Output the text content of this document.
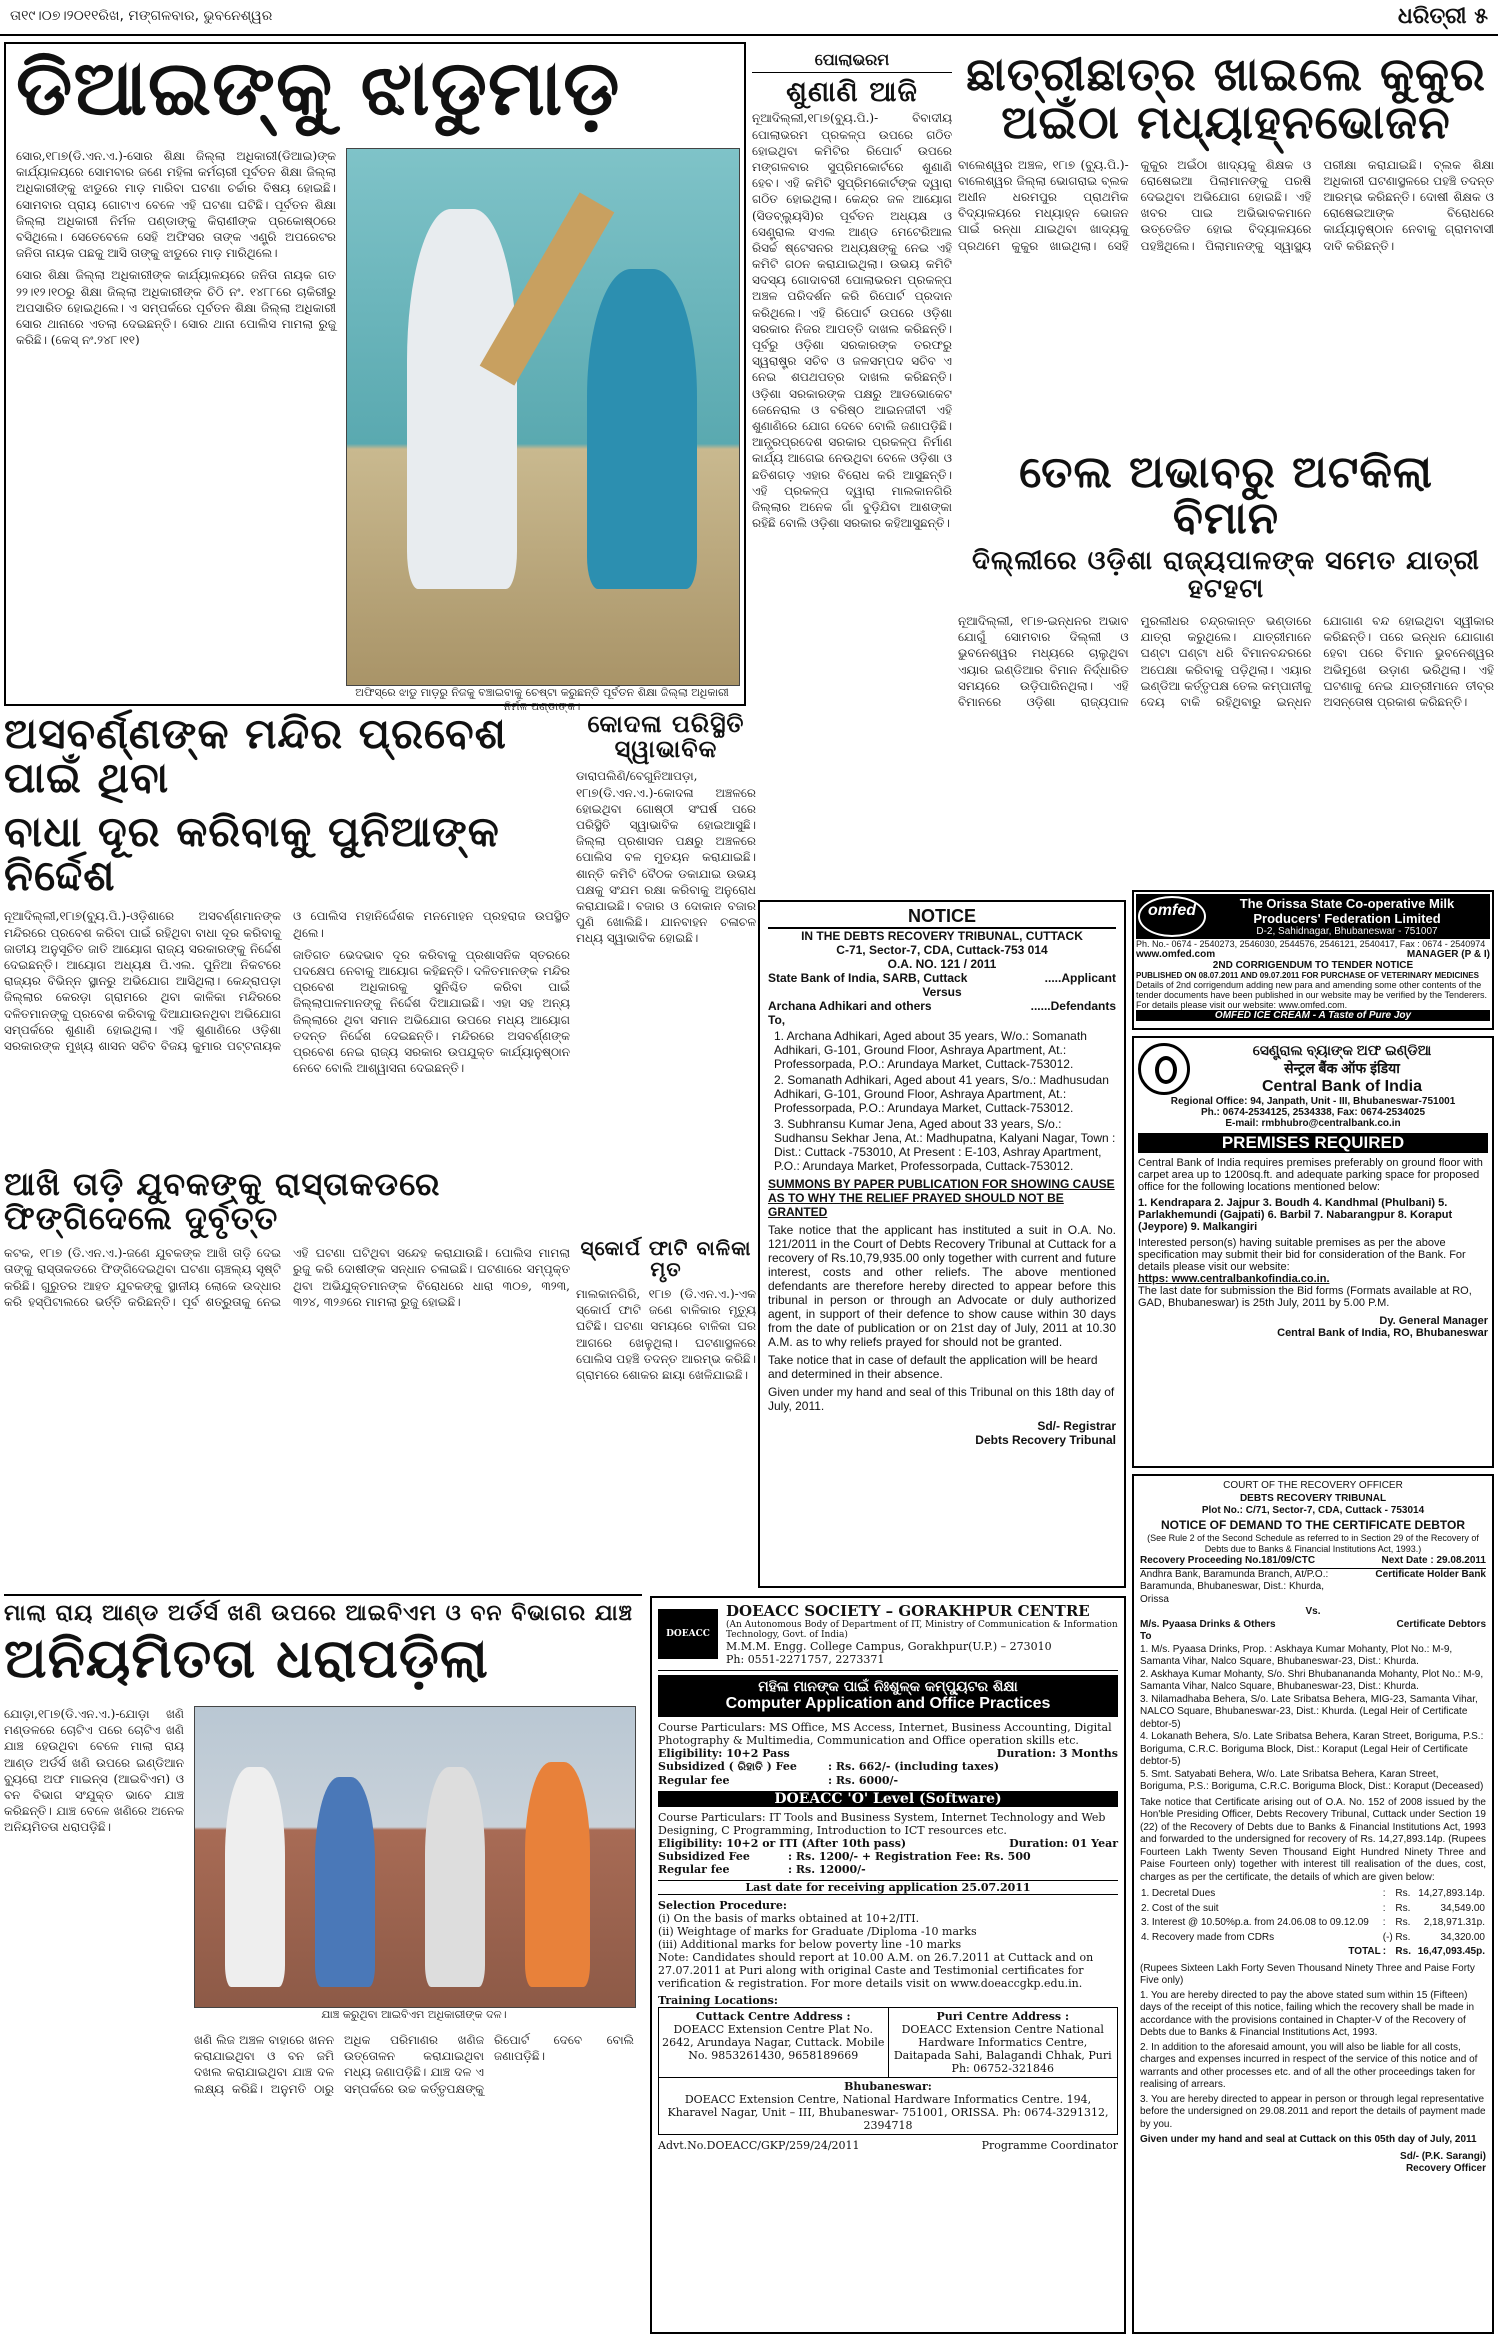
ତା୧୯।୦୭।୨୦୧୧ରିଖ, ମଙ୍ଗଳବାର, ଭୁବନେଶ୍ୱର	ଧରିତ୍ରୀ ୫
ଡିଆଇଙ୍କୁ ଝାଡୁମାଡ଼

ସୋର,୧୮ା୭(ଡି.ଏନ.ଏ.)-ସୋର ଶିକ୍ଷା ଜିଲ୍ଲା ଅଧିକାରୀ(ଡିଆଇ)ଙ୍କ କାର୍ଯ୍ୟାଳୟରେ ସୋମବାର ଜଣେ ମହିଳା କର୍ମଚାରୀ ପୂର୍ବତନ ଶିକ୍ଷା ଜିଲ୍ଲା ଅଧିକାରୀଙ୍କୁ ଝାଡୁରେ ମାଡ଼ ମାରିବା ଘଟଣା ଚର୍ଚ୍ଚାର ବିଷୟ ହୋଇଛି। ସୋମବାର ପ୍ରାୟ ଗୋଟାଏ ବେଳେ ଏହି ଘଟଣା ଘଟିଛି। ପୂର୍ବତନ ଶିକ୍ଷା ଜିଲ୍ଲା ଅଧିକାରୀ ନିର୍ମଳ ପଣ୍ଡାଙ୍କୁ କିରାଣୀଙ୍କ ପ୍ରକୋଷ୍ଠରେ ବସିଥିଲେ। ସେତେବେଳେ ସେହି ଅଫିସର ତାଙ୍କ ଏଣ୍ଟ୍ରି ଅପରେଟର ଜନିତା ନାୟକ ପଛକୁ ଆସି ତାଙ୍କୁ ଝାଡୁରେ ମାଡ଼ ମାରିଥିଲେ।

ସୋର ଶିକ୍ଷା ଜିଲ୍ଲା ଅଧିକାରୀଙ୍କ କାର୍ଯ୍ୟାଳୟରେ ଜନିତା ନାୟକ ଗତ ୨୨।୧୨।୧୦ରୁ ଶିକ୍ଷା ଜିଲ୍ଲା ଅଧିକାରୀଙ୍କ ଚିଠି ନଂ. ୧୪୮୮ରେ ଚାକିରୀରୁ ଅପସାରିତ ହୋଇଥିଲେ। ଏ ସମ୍ପର୍କରେ ପୂର୍ବତନ ଶିକ୍ଷା ଜିଲ୍ଲା ଅଧିକାରୀ ସୋର ଥାନାରେ ଏତଲା ଦେଇଛନ୍ତି। ସୋର ଥାନା ପୋଲିସ ମାମଲା ରୁଜୁ କରିଛି। (କେସ୍ ନଂ.୨୪୮।୧୧)

ଅଫିସ୍‌ରେ ଝାଡୁ ମାଡ଼ରୁ ନିଜକୁ ବଞ୍ଚାଇବାକୁ ଚେଷ୍ଟା କରୁଛନ୍ତି ପୂର୍ବତନ ଶିକ୍ଷା ଜିଲ୍ଲା ଅଧିକାରୀ ନିର୍ମଳ ପଣ୍ଡାଙ୍କ।
ପୋଲାଭରମ
ଶୁଣାଣି ଆଜି
ନୂଆଦିଲ୍ଲୀ,୧୮ା୭(ବ୍ୟୁ.ପି.)- ବିବାଦୀୟ ପୋଲାଭରମ ପ୍ରକଳ୍ପ ଉପରେ ଗଠିତ ହୋଇଥିବା କମିଟିର ରିପୋର୍ଟ ଉପରେ ମଙ୍ଗଳବାର ସୁପ୍ରିମକୋର୍ଟରେ ଶୁଣାଣି ହେବ। ଏହି କମିଟି ସୁପ୍ରିମକୋର୍ଟଙ୍କ ଦ୍ୱାରା ଗଠିତ ହୋଇଥିଲା। କେନ୍ଦ୍ର ଜଳ ଆୟୋଗ (ସିଡବ୍ଲ୍ୟୁସି)ର ପୂର୍ବତନ ଅଧ୍ୟକ୍ଷ ଓ ସେଣ୍ଟ୍ରାଲ ସଏଲ ଆଣ୍ଡ ମେଟେରିଆଲ ରିସର୍ଚ୍ଚ ଷ୍ଟେସନର ଅଧ୍ୟକ୍ଷଙ୍କୁ ନେଇ ଏହି କମିଟି ଗଠନ କରାଯାଇଥିଲା। ଉଭୟ କମିଟି ସଦସ୍ୟ ଗୋଦାବରୀ ପୋଲାଭରମ ପ୍ରକଳ୍ପ ଅଞ୍ଚଳ ପରିଦର୍ଶନ କରି ରିପୋର୍ଟ ପ୍ରଦାନ କରିଥିଲେ। ଏହି ରିପୋର୍ଟ ଉପରେ ଓଡ଼ିଶା ସରକାର ନିଜର ଆପତ୍ତି ଦାଖଲ କରିଛନ୍ତି। ପୂର୍ବରୁ ଓଡ଼ିଶା ସରକାରଙ୍କ ତରଫରୁ ସ୍ୱରାଷ୍ଟ୍ର ସଚିବ ଓ ଜଳସମ୍ପଦ ସଚିବ ଏ ନେଇ ଶପଥପତ୍ର ଦାଖଲ କରିଛନ୍ତି। ଓଡ଼ିଶା ସରକାରଙ୍କ ପକ୍ଷରୁ ଆଡଭୋକେଟ ଜେନେରାଲ ଓ ବରିଷ୍ଠ ଆଇନଜୀବୀ ଏହି ଶୁଣାଣିରେ ଯୋଗ ଦେବେ ବୋଲି ଜଣାପଡ଼ିଛି। ଆନ୍ଧ୍ରପ୍ରଦେଶ ସରକାର ପ୍ରକଳ୍ପ ନିର୍ମାଣ କାର୍ଯ୍ୟ ଆଗେଇ ନେଉଥିବା ବେଳେ ଓଡ଼ିଶା ଓ ଛତିଶଗଡ଼ ଏହାର ବିରୋଧ କରି ଆସୁଛନ୍ତି। ଏହି ପ୍ରକଳ୍ପ ଦ୍ୱାରା ମାଲକାନଗିରି ଜିଲ୍ଲାର ଅନେକ ଗାଁ ବୁଡ଼ିଯିବା ଆଶଙ୍କା ରହିଛି ବୋଲି ଓଡ଼ିଶା ସରକାର କହିଆସୁଛନ୍ତି।
ଛାତ୍ରୀଛାତ୍ର ଖାଇଲେ କୁକୁର
ଅଇଁଠା ମଧ୍ୟାହ୍ନଭୋଜନ
ବାଲେଶ୍ୱର ଅଞ୍ଚଳ, ୧୮ା୭ (ବ୍ୟୁ.ପି.)-ବାଲେଶ୍ୱର ଜିଲ୍ଲା ଭୋଗରାଇ ବ୍ଲକ ଅଧୀନ ଧରମପୁର ପ୍ରାଥମିକ ବିଦ୍ୟାଳୟରେ ମଧ୍ୟାହ୍ନ ଭୋଜନ ପାଇଁ ରନ୍ଧା ଯାଇଥିବା ଖାଦ୍ୟକୁ ପ୍ରଥମେ କୁକୁର ଖାଇଥିଲା। ସେହି କୁକୁର ଅଇଁଠା ଖାଦ୍ୟକୁ ଶିକ୍ଷକ ଓ ରୋଷେଇଆ ପିଲାମାନଙ୍କୁ ପରଷି ଦେଇଥିବା ଅଭିଯୋଗ ହୋଇଛି। ଏହି ଖବର ପାଇ ଅଭିଭାବକମାନେ ଉତ୍ତେଜିତ ହୋଇ ବିଦ୍ୟାଳୟରେ ପହଞ୍ଚିଥିଲେ। ପିଲାମାନଙ୍କୁ ସ୍ୱାସ୍ଥ୍ୟ ପରୀକ୍ଷା କରାଯାଇଛି। ବ୍ଲକ ଶିକ୍ଷା ଅଧିକାରୀ ଘଟଣାସ୍ଥଳରେ ପହଞ୍ଚି ତଦନ୍ତ ଆରମ୍ଭ କରିଛନ୍ତି। ଦୋଷୀ ଶିକ୍ଷକ ଓ ରୋଷେଇଆଙ୍କ ବିରୋଧରେ କାର୍ଯ୍ୟାନୁଷ୍ଠାନ ନେବାକୁ ଗ୍ରାମବାସୀ ଦାବି କରିଛନ୍ତି।
ତେଲ ଅଭାବରୁ ଅଟକିଲା ବିମାନ
ଦିଲ୍ଲୀରେ ଓଡ଼ିଶା ରାଜ୍ୟପାଳଙ୍କ ସମେତ ଯାତ୍ରୀ ହଟହଟା
ନୂଆଦିଲ୍ଲୀ, ୧୮ା୭-ଇନ୍ଧନର ଅଭାବ ଯୋଗୁଁ ସୋମବାର ଦିଲ୍ଲୀ ଓ ଭୁବନେଶ୍ୱର ମଧ୍ୟରେ ଚାଲୁଥିବା ଏୟାର ଇଣ୍ଡିଆର ବିମାନ ନିର୍ଦ୍ଧାରିତ ସମୟରେ ଉଡ଼ିପାରିନଥିଲା। ଏହି ବିମାନରେ ଓଡ଼ିଶା ରାଜ୍ୟପାଳ ମୁରଲୀଧର ଚନ୍ଦ୍ରକାନ୍ତ ଭଣ୍ଡାରେ ଯାତ୍ରା କରୁଥିଲେ। ଯାତ୍ରୀମାନେ ଘଣ୍ଟା ଘଣ୍ଟା ଧରି ବିମାନବନ୍ଦରରେ ଅପେକ୍ଷା କରିବାକୁ ପଡ଼ିଥିଲା। ଏୟାର ଇଣ୍ଡିଆ କର୍ତ୍ତୃପକ୍ଷ ତେଲ କମ୍ପାନୀକୁ ଦେୟ ବାକି ରହିଥିବାରୁ ଇନ୍ଧନ ଯୋଗାଣ ବନ୍ଦ ହୋଇଥିବା ସ୍ୱୀକାର କରିଛନ୍ତି। ପରେ ଇନ୍ଧନ ଯୋଗାଣ ହେବା ପରେ ବିମାନ ଭୁବନେଶ୍ୱର ଅଭିମୁଖେ ଉଡ଼ାଣ ଭରିଥିଲା। ଏହି ଘଟଣାକୁ ନେଇ ଯାତ୍ରୀମାନେ ତୀବ୍ର ଅସନ୍ତୋଷ ପ୍ରକାଶ କରିଛନ୍ତି।
omfed	The Orissa State Co-operative Milk
Producers' Federation Limited
D-2, Sahidnagar, Bhubaneswar - 751007
Ph. No.- 0674 - 2540273, 2546030, 2544576, 2546121, 2540417, Fax : 0674 - 2540974
www.omfed.com	MANAGER (P & I)
2ND CORRIGENDUM TO TENDER NOTICE
PUBLISHED ON 08.07.2011 AND 09.07.2011 FOR PURCHASE OF VETERINARY MEDICINES
Details of 2nd corrigendum adding new para and amending some other contents of the tender documents have been published in our website may be verified by the Tenderers. For details please visit our website: www.omfed.com.
OMFED ICE CREAM - A Taste of Pure Joy
ସେଣ୍ଟ୍ରାଲ ବ୍ୟାଙ୍କ ଅଫ ଇଣ୍ଡିଆ
सेन्ट्रल बैंक ऑफ इंडिया
Central Bank of India
Regional Office: 94, Janpath, Unit - III, Bhubaneswar-751001
Ph.: 0674-2534125, 2534338, Fax: 0674-2534025
E-mail: rmbhubro@centralbank.co.in
PREMISES REQUIRED
Central Bank of India requires premises preferably on ground floor with carpet area up to 1200sq.ft. and adequate parking space for proposed office for the following locations mentioned below:
1. Kendrapara 2. Jajpur 3. Boudh 4. Kandhmal (Phulbani) 5. Parlakhemundi (Gajpati) 6. Barbil 7. Nabarangpur 8. Koraput (Jeypore) 9. Malkangiri
Interested person(s) having suitable premises as per the above specification may submit their bid for consideration of the Bank. For details please visit our website:
https: www.centralbankofindia.co.in.
The last date for submission the Bid forms (Formats available at RO, GAD, Bhubaneswar) is 25th July, 2011 by 5.00 P.M.
Dy. General Manager
Central Bank of India, RO, Bhubaneswar
ଅସବର୍ଣ୍ଣଙ୍କ ମନ୍ଦିର ପ୍ରବେଶ ପାଇଁ ଥିବା
ବାଧା ଦୂର କରିବାକୁ ପୁନିଆଙ୍କ ନିର୍ଦ୍ଦେଶ

ନୂଆଦିଲ୍ଲୀ,୧୮ା୭(ବ୍ୟୁ.ପି.)-ଓଡ଼ିଶାରେ ଅସବର୍ଣ୍ଣମାନଙ୍କ ମନ୍ଦିରରେ ପ୍ରବେଶ କରିବା ପାଇଁ ରହିଥିବା ବାଧା ଦୂର କରିବାକୁ ଜାତୀୟ ଅନୁସୂଚିତ ଜାତି ଆୟୋଗ ରାଜ୍ୟ ସରକାରଙ୍କୁ ନିର୍ଦ୍ଦେଶ ଦେଇଛନ୍ତି। ଆୟୋଗ ଅଧ୍ୟକ୍ଷ ପି.ଏଲ. ପୁନିଆ ନିକଟରେ ରାଜ୍ୟର ବିଭିନ୍ନ ସ୍ଥାନରୁ ଅଭିଯୋଗ ଆସିଥିଲା। କେନ୍ଦ୍ରାପଡ଼ା ଜିଲ୍ଲାର କେରଡ଼ା ଗ୍ରାମରେ ଥିବା କାଳିକା ମନ୍ଦିରରେ ଦଳିତମାନଙ୍କୁ ପ୍ରବେଶ କରିବାକୁ ଦିଆଯାଉନଥିବା ଅଭିଯୋଗ ସମ୍ପର୍କରେ ଶୁଣାଣି ହୋଇଥିଲା। ଏହି ଶୁଣାଣିରେ ଓଡ଼ିଶା ସରକାରଙ୍କ ମୁଖ୍ୟ ଶାସନ ସଚିବ ବିଜୟ କୁମାର ପଟ୍ଟନାୟକ ଓ ପୋଲିସ ମହାନିର୍ଦ୍ଦେଶକ ମନମୋହନ ପ୍ରହରାଜ ଉପସ୍ଥିତ ଥିଲେ।

ଜାତିଗତ ଭେଦଭାବ ଦୂର କରିବାକୁ ପ୍ରଶାସନିକ ସ୍ତରରେ ପଦକ୍ଷେପ ନେବାକୁ ଆୟୋଗ କହିଛନ୍ତି। ଦଳିତମାନଙ୍କ ମନ୍ଦିର ପ୍ରବେଶ ଅଧିକାରକୁ ସୁନିଶ୍ଚିତ କରିବା ପାଇଁ ଜିଲ୍ଲାପାଳମାନଙ୍କୁ ନିର୍ଦ୍ଦେଶ ଦିଆଯାଇଛି। ଏହା ସହ ଅନ୍ୟ ଜିଲ୍ଲାରେ ଥିବା ସମାନ ଅଭିଯୋଗ ଉପରେ ମଧ୍ୟ ଆୟୋଗ ତଦନ୍ତ ନିର୍ଦ୍ଦେଶ ଦେଇଛନ୍ତି। ମନ୍ଦିରରେ ଅସବର୍ଣ୍ଣଙ୍କ ପ୍ରବେଶ ନେଇ ରାଜ୍ୟ ସରକାର ଉପଯୁକ୍ତ କାର୍ଯ୍ୟାନୁଷ୍ଠାନ ନେବେ ବୋଲି ଆଶ୍ୱାସନା ଦେଇଛନ୍ତି।

କୋଦଳା ପରିସ୍ଥିତି
ସ୍ୱାଭାବିକ
ଡାରାପଲିଣି/ବେଗୁନିଆପଡ଼ା, ୧୮ା୭(ଡି.ଏନ.ଏ.)-କୋଦଳା ଅଞ୍ଚଳରେ ହୋଇଥିବା ଗୋଷ୍ଠୀ ସଂଘର୍ଷ ପରେ ପରିସ୍ଥିତି ସ୍ୱାଭାବିକ ହୋଇଆସୁଛି। ଜିଲ୍ଲା ପ୍ରଶାସନ ପକ୍ଷରୁ ଅଞ୍ଚଳରେ ପୋଲିସ ବଳ ମୁତୟନ କରାଯାଇଛି। ଶାନ୍ତି କମିଟି ବୈଠକ ଡକାଯାଇ ଉଭୟ ପକ୍ଷକୁ ସଂଯମ ରକ୍ଷା କରିବାକୁ ଅନୁରୋଧ କରାଯାଇଛି। ବଜାର ଓ ଦୋକାନ ବଜାର ପୁଣି ଖୋଲିଛି। ଯାନବାହନ ଚଳାଚଳ ମଧ୍ୟ ସ୍ୱାଭାବିକ ହୋଇଛି।
ସ୍କୋର୍ପ ଫାଟି ବାଳିକା ମୃତ
ମାଲକାନଗିରି, ୧୮ା୭ (ଡି.ଏନ.ଏ.)-ଏକ ସ୍କୋର୍ପ ଫାଟି ଜଣେ ବାଳିକାର ମୃତ୍ୟୁ ଘଟିଛି। ଘଟଣା ସମୟରେ ବାଳିକା ଘର ଆଗରେ ଖେଳୁଥିଲା। ଘଟଣାସ୍ଥଳରେ ପୋଲିସ ପହଞ୍ଚି ତଦନ୍ତ ଆରମ୍ଭ କରିଛି। ଗ୍ରାମରେ ଶୋକର ଛାୟା ଖେଳିଯାଇଛି।
ଆଖି ତାଡ଼ି ଯୁବକଙ୍କୁ ରାସ୍ତାକଡରେ ଫିଙ୍ଗିଦେଲେ ଦୁର୍ବୃତ୍ତ
କଟକ, ୧୮ା୭ (ଡି.ଏନ.ଏ.)-ଜଣେ ଯୁବକଙ୍କ ଆଖି ତାଡ଼ି ଦେଇ ତାଙ୍କୁ ରାସ୍ତାକଡରେ ଫିଙ୍ଗିଦେଇଥିବା ଘଟଣା ଚାଞ୍ଚଲ୍ୟ ସୃଷ୍ଟି କରିଛି। ଗୁରୁତର ଆହତ ଯୁବକଙ୍କୁ ସ୍ଥାନୀୟ ଲୋକେ ଉଦ୍ଧାର କରି ହସ୍ପିଟାଲରେ ଭର୍ତ୍ତି କରିଛନ୍ତି। ପୂର୍ବ ଶତ୍ରୁତାକୁ ନେଇ ଏହି ଘଟଣା ଘଟିଥିବା ସନ୍ଦେହ କରାଯାଉଛି। ପୋଲିସ ମାମଲା ରୁଜୁ କରି ଦୋଷୀଙ୍କ ସନ୍ଧାନ ଚଳାଇଛି। ଘଟଣାରେ ସମ୍ପୃକ୍ତ ଥିବା ଅଭିଯୁକ୍ତମାନଙ୍କ ବିରୋଧରେ ଧାରା ୩୦୭, ୩୨୩, ୩୨୪, ୩୨୬ରେ ମାମଲା ରୁଜୁ ହୋଇଛି।
NOTICE
IN THE DEBTS RECOVERY TRIBUNAL, CUTTACK
C-71, Sector-7, CDA, Cuttack-753 014
O.A. NO. 121 / 2011
State Bank of India, SARB, Cuttack	.....Applicant
Versus
Archana Adhikari and others	......Defendants
To,
1. Archana Adhikari, Aged about 35 years, W/o.: Somanath Adhikari, G-101, Ground Floor, Ashraya Apartment, At.: Professorpada, P.O.: Arundaya Market, Cuttack-753012.
2. Somanath Adhikari, Aged about 41 years, S/o.: Madhusudan Adhikari, G-101, Ground Floor, Ashraya Apartment, At.: Professorpada, P.O.: Arundaya Market, Cuttack-753012.
3. Subhransu Kumar Jena, Aged about 33 years, S/o.: Sudhansu Sekhar Jena, At.: Madhupatna, Kalyani Nagar, Town : Dist.: Cuttack -753010, At Present : E-103, Ashray Apartment, P.O.: Arundaya Market, Professorpada, Cuttack-753012.
SUMMONS BY PAPER PUBLICATION FOR SHOWING CAUSE AS TO WHY THE RELIEF PRAYED SHOULD NOT BE GRANTED
Take notice that the applicant has instituted a suit in O.A. No. 121/2011 in the Court of Debts Recovery Tribunal at Cuttack for a recovery of Rs.10,79,935.00 only together with current and future interest, costs and other reliefs. The above mentioned defendants are therefore hereby directed to appear before this tribunal in person or through an Advocate or duly authorized agent, in support of their defence to show cause within 30 days from the date of publication or on 21st day of July, 2011 at 10.30 A.M. as to why reliefs prayed for should not be granted.
Take notice that in case of default the application will be heard and determined in their absence.
Given under my hand and seal of this Tribunal on this 18th day of July, 2011.
Sd/- Registrar
Debts Recovery Tribunal
ମାଲା ରାୟ ଆଣ୍ଡ ଅର୍ଡର୍ସ ଖଣି ଉପରେ ଆଇବିଏମ ଓ ବନ ବିଭାଗର ଯାଞ୍ଚ
ଅନିୟମିତତା ଧରାପଡ଼ିଲା
ଯୋଡ଼ା,୧୮ା୭(ଡି.ଏନ.ଏ.)-ଯୋଡ଼ା ଖଣି ମଣ୍ଡଳରେ ଚୋଟିଏ ପରେ ଚୋଟିଏ ଖଣି ଯାଞ୍ଚ ହେଉଥିବା ବେଳେ ମାଲା ରାୟ ଆଣ୍ଡ ଅର୍ଡର୍ସ ଖଣି ଉପରେ ଇଣ୍ଡିଆନ ବ୍ୟୁରୋ ଅଫ ମାଇନ୍ସ (ଆଇବିଏମ) ଓ ବନ ବିଭାଗ ସଂଯୁକ୍ତ ଭାବେ ଯାଞ୍ଚ କରିଛନ୍ତି। ଯାଞ୍ଚ ବେଳେ ଖଣିରେ ଅନେକ ଅନିୟମିତତା ଧରାପଡ଼ିଛି।
ଯାଞ୍ଚ କରୁଥିବା ଆଇବିଏମ ଅଧିକାରୀଙ୍କ ଦଳ।
ଖଣି ଲିଜ ଅଞ୍ଚଳ ବାହାରେ ଖନନ କରାଯାଇଥିବା ଓ ବନ ଜମି ଦଖଲ କରାଯାଇଥିବା ଯାଞ୍ଚ ଦଳ ଲକ୍ଷ୍ୟ କରିଛି। ଅନୁମତି ଠାରୁ ଅଧିକ ପରିମାଣର ଖଣିଜ ଉତ୍ତୋଳନ କରାଯାଇଥିବା ମଧ୍ୟ ଜଣାପଡ଼ିଛି। ଯାଞ୍ଚ ଦଳ ଏ ସମ୍ପର୍କରେ ଉଚ୍ଚ କର୍ତ୍ତୃପକ୍ଷଙ୍କୁ ରିପୋର୍ଟ ଦେବେ ବୋଲି ଜଣାପଡ଼ିଛି।
DOEACC
DOEACC SOCIETY – GORAKHPUR CENTRE
(An Autonomous Body of Department of IT, Ministry of Communication & Information Technology, Govt. of India)
M.M.M. Engg. College Campus, Gorakhpur(U.P.) – 273010
Ph: 0551-2271757, 2273371
ମହିଳା ମାନଙ୍କ ପାଇଁ ନିଃଶୁଳ୍କ କମ୍ପ୍ୟୁଟର ଶିକ୍ଷା
Computer Application and Office Practices
Course Particulars: MS Office, MS Access, Internet, Business Accounting, Digital Photography & Multimedia, Communication and Office operation skills etc.
Eligibility: 10+2 Pass	Duration: 3 Months
Subsidized ( ରିହାତି ) Fee	: Rs. 662/- (including taxes)
Regular fee	: Rs. 6000/-
DOEACC 'O' Level (Software)
Course Particulars: IT Tools and Business System, Internet Technology and Web Designing, C Programming, Introduction to ICT resources etc.
Eligibility: 10+2 or ITI (After 10th pass)	Duration: 01 Year
Subsidized Fee	: Rs. 1200/- + Registration Fee: Rs. 500
Regular fee	: Rs. 12000/-
Last date for receiving application 25.07.2011
Selection Procedure:
(i) On the basis of marks obtained at 10+2/ITI.
(ii) Weightage of marks for Graduate /Diploma -10 marks
(iii) Additional marks for below poverty line -10 marks
Note: Candidates should report at 10.00 A.M. on 26.7.2011 at Cuttack and on 27.07.2011 at Puri along with original Caste and Testimonial certificates for verification & registration. For more details visit on www.doeaccgkp.edu.in.
Training Locations:
Cuttack Centre Address :
DOEACC Extension Centre Plat No. 2642, Arundaya Nagar, Cuttack. Mobile No. 9853261430, 9658189669
Puri Centre Address :
DOEACC Extension Centre National Hardware Informatics Centre, Daitapada Sahi, Balagandi Chhak, Puri Ph: 06752-321846
Bhubaneswar:
DOEACC Extension Centre, National Hardware Informatics Centre. 194, Kharavel Nagar, Unit – III, Bhubaneswar- 751001, ORISSA. Ph: 0674-3291312, 2394718
Advt.No.DOEACC/GKP/259/24/2011	Programme Coordinator
COURT OF THE RECOVERY OFFICER
DEBTS RECOVERY TRIBUNAL
Plot No.: C/71, Sector-7, CDA, Cuttack - 753014
NOTICE OF DEMAND TO THE CERTIFICATE DEBTOR
(See Rule 2 of the Second Schedule as referred to in Section 29 of the Recovery of Debts due to Banks & Financial Institutions Act, 1993.)
Recovery Proceeding No.181/09/CTC	Next Date : 29.08.2011
Andhra Bank, Baramunda Branch, At/P.O.: Baramunda, Bhubaneswar, Dist.: Khurda, Orissa
Certificate Holder Bank
Vs.
M/s. Pyaasa Drinks & Others	Certificate Debtors
To
1. M/s. Pyaasa Drinks, Prop. : Askhaya Kumar Mohanty, Plot No.: M-9, Samanta Vihar, Nalco Square, Bhubaneswar-23, Dist.: Khurda.
2. Askhaya Kumar Mohanty, S/o. Shri Bhubanananda Mohanty, Plot No.: M-9, Samanta Vihar, Nalco Square, Bhubaneswar-23, Dist.: Khurda.
3. Nilamadhaba Behera, S/o. Late Sribatsa Behera, MIG-23, Samanta Vihar, NALCO Square, Bhubaneswar-23, Dist.: Khurda. (Legal Heir of Certificate debtor-5)
4. Lokanath Behera, S/o. Late Sribatsa Behera, Karan Street, Boriguma, P.S.: Boriguma, C.R.C. Boriguma Block, Dist.: Koraput (Legal Heir of Certificate debtor-5)
5. Smt. Satyabati Behera, W/o. Late Sribatsa Behera, Karan Street, Boriguma, P.S.: Boriguma, C.R.C. Boriguma Block, Dist.: Koraput (Deceased)
Take notice that Certificate arising out of O.A. No. 152 of 2008 issued by the Hon'ble Presiding Officer, Debts Recovery Tribunal, Cuttack under Section 19 (22) of the Recovery of Debts due to Banks & Financial Institutions Act, 1993 and forwarded to the undersigned for recovery of Rs. 14,27,893.14p. (Rupees Fourteen Lakh Twenty Seven Thousand Eight Hundred Ninety Three and Paise Fourteen only) together with interest till realisation of the dues, cost, charges as per the certificate, the details of which are given below:
1.	Decretal Dues	:	Rs.	14,27,893.14p.
2.	Cost of the suit	:	Rs.	34,549.00
3.	Interest @ 10.50%p.a. from 24.06.08 to 09.12.09	:	Rs.	2,18,971.31p.
4.	Recovery made from CDRs	(-)	Rs.	34,320.00
	TOTAL	:	Rs.	16,47,093.45p.
(Rupees Sixteen Lakh Forty Seven Thousand Ninety Three and Paise Forty Five only)
1. You are hereby directed to pay the above stated sum within 15 (Fifteen) days of the receipt of this notice, failing which the recovery shall be made in accordance with the provisions contained in Chapter-V of the Recovery of Debts due to Banks & Financial Institutions Act, 1993.
2. In addition to the aforesaid amount, you will also be liable for all costs, charges and expenses incurred in respect of the service of this notice and of warrants and other processes etc. and of all the other proceedings taken for realising of arrears.
3. You are hereby directed to appear in person or through legal representative before the undersigned on 29.08.2011 and report the details of payment made by you.
Given under my hand and seal at Cuttack on this 05th day of July, 2011
Sd/- (P.K. Sarangi)
Recovery Officer
